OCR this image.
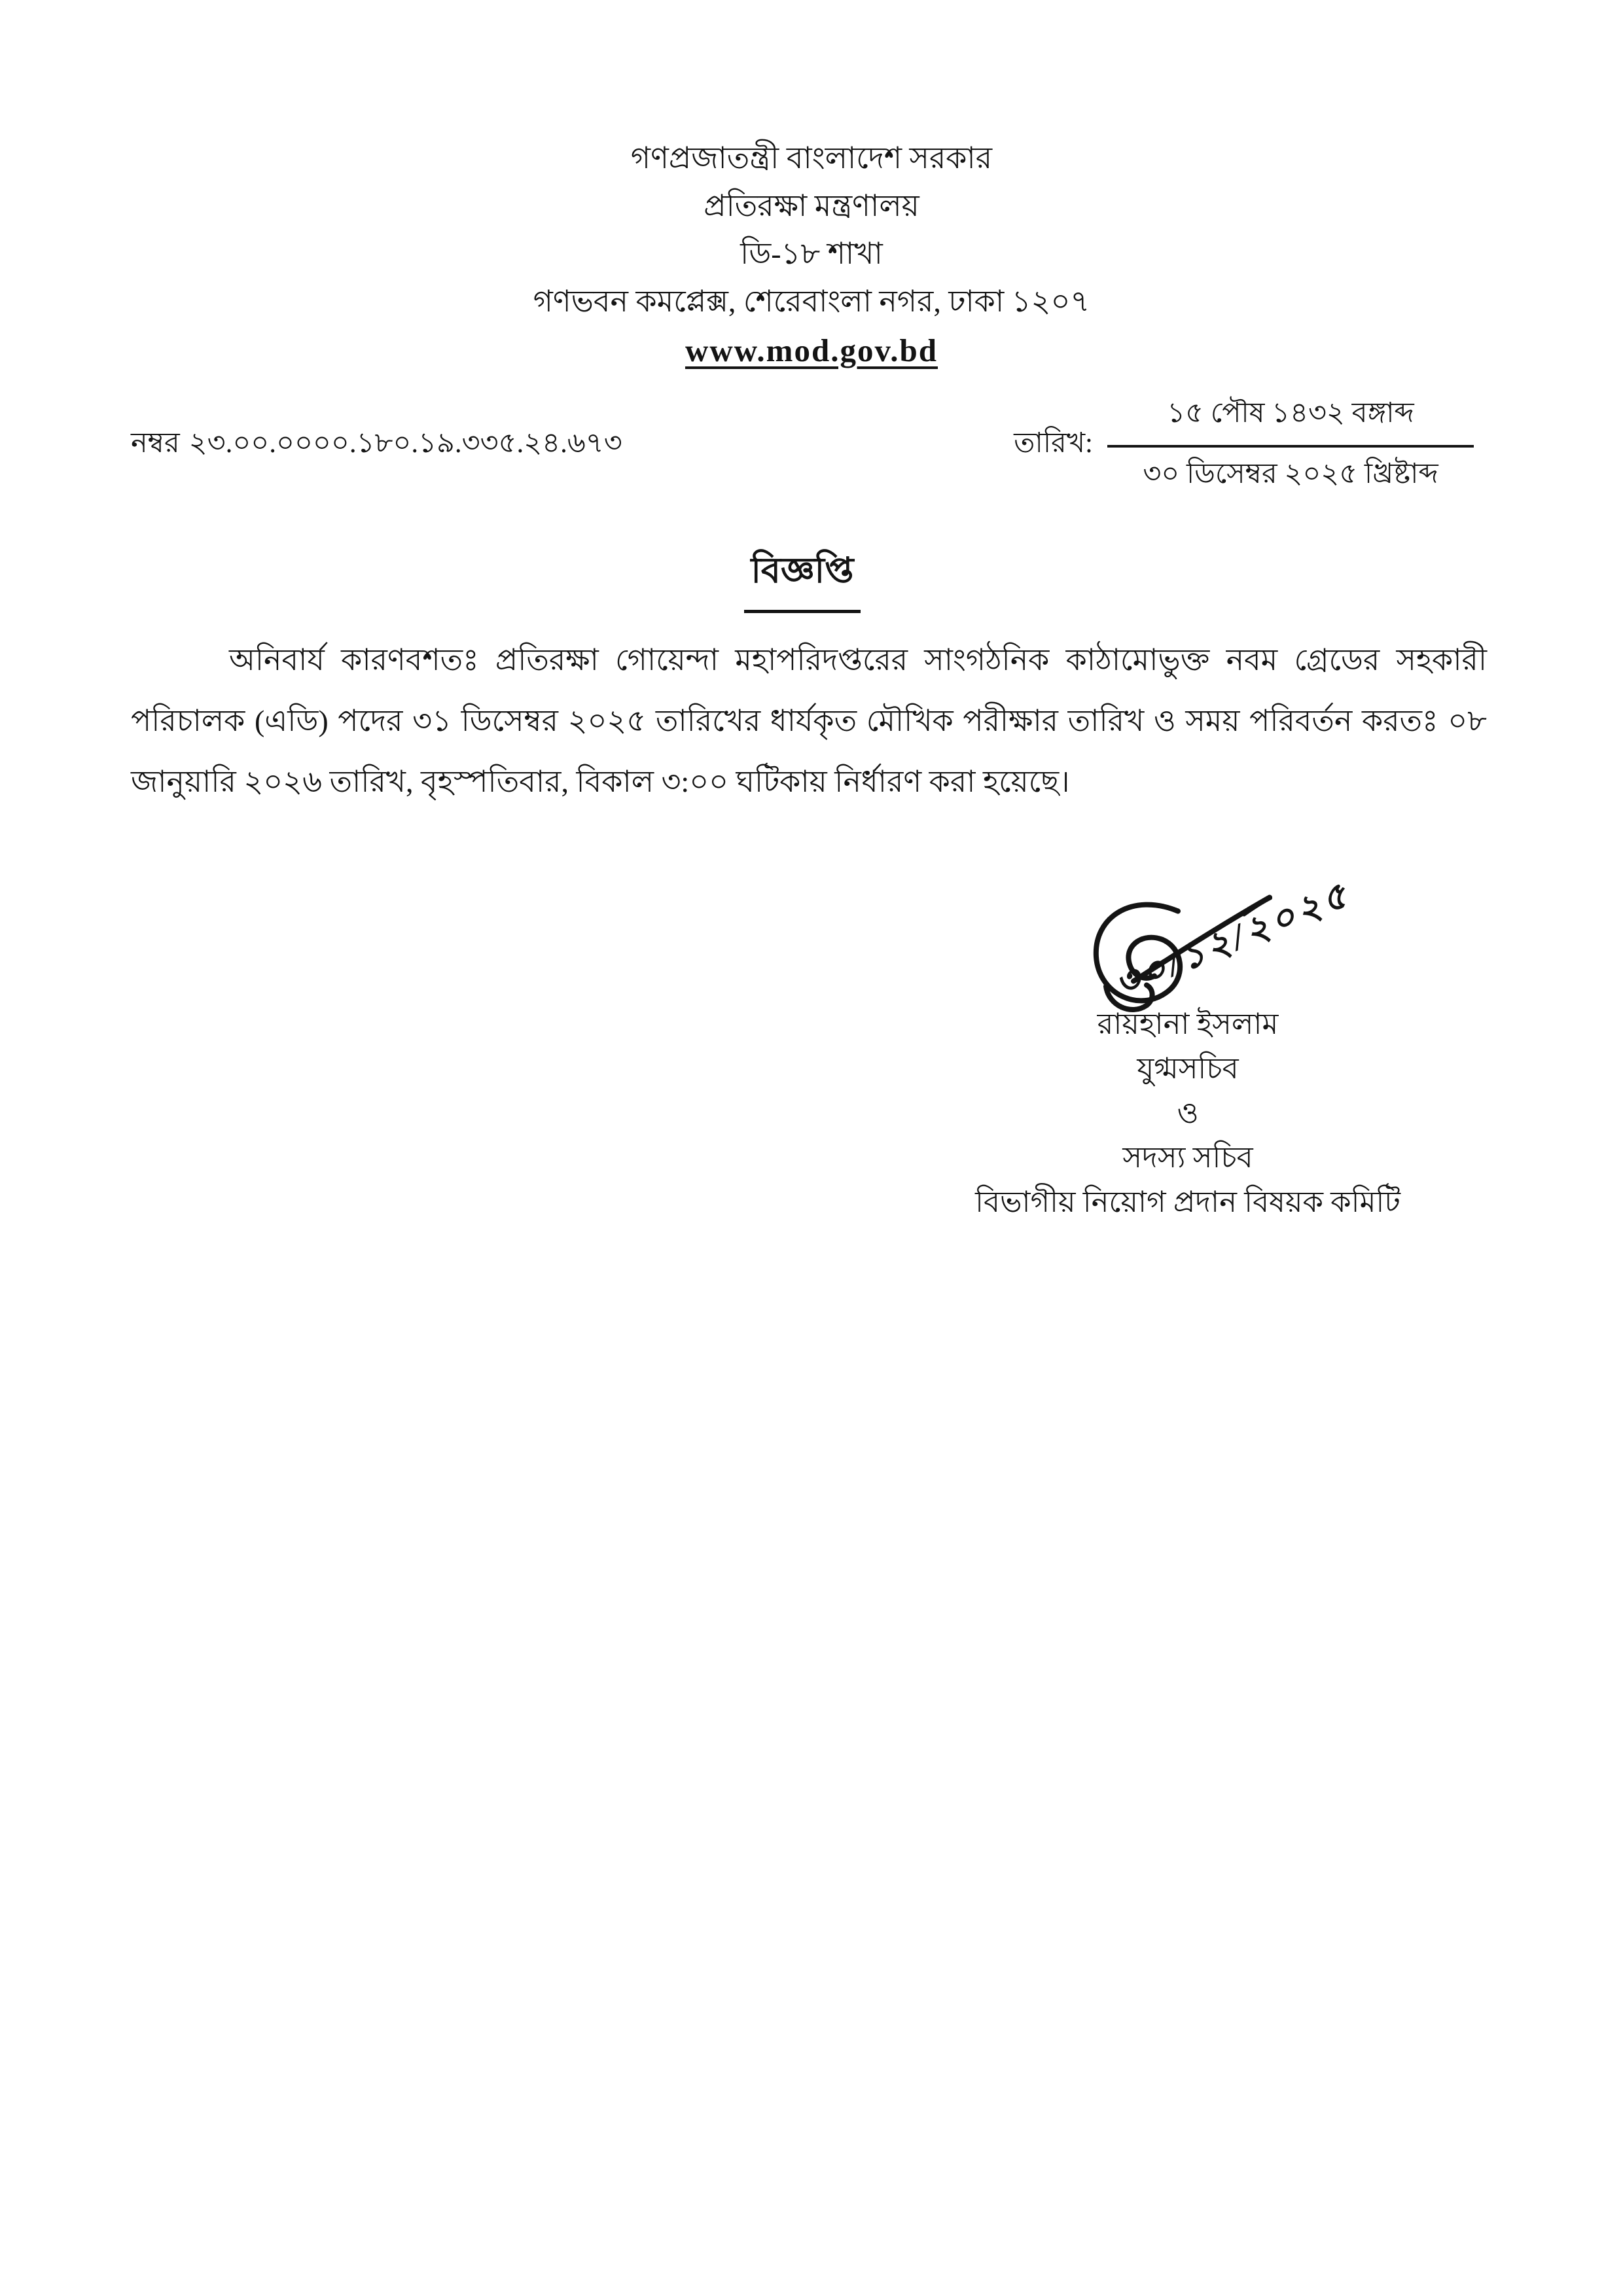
গণপ্রজাতন্ত্রী বাংলাদেশ সরকার
প্রতিরক্ষা মন্ত্রণালয়
ডি-১৮ শাখা
গণভবন কমপ্লেক্স, শেরেবাংলা নগর, ঢাকা ১২০৭
www.mod.gov.bd
নম্বর ২৩.০০.০০০০.১৮০.১৯.৩৩৫.২৪.৬৭৩	তারিখ:
১৫ পৌষ ১৪৩২ বঙ্গাব্দ
৩০ ডিসেম্বর ২০২৫ খ্রিষ্টাব্দ
বিজ্ঞপ্তি

অনিবার্য কারণবশতঃ প্রতিরক্ষা গোয়েন্দা মহাপরিদপ্তরের সাংগঠনিক কাঠামোভুক্ত নবম গ্রেডের সহকারী পরিচালক (এডি) পদের ৩১ ডিসেম্বর ২০২৫ তারিখের ধার্যকৃত মৌখিক পরীক্ষার তারিখ ও সময় পরিবর্তন করতঃ ০৮ জানুয়ারি ২০২৬ তারিখ, বৃহস্পতিবার, বিকাল ৩:০০ ঘটিকায় নির্ধারণ করা হয়েছে।

৩০/১২/২০২৫
রায়হানা ইসলাম
যুগ্মসচিব
ও
সদস্য সচিব
বিভাগীয় নিয়োগ প্রদান বিষয়ক কমিটি
